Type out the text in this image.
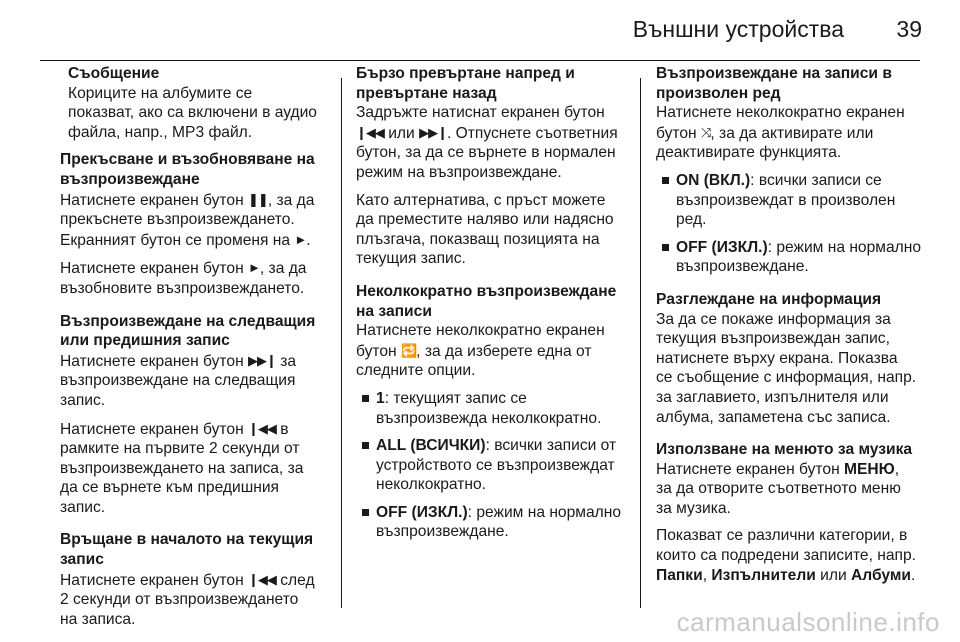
Външни устройства 39
Съобщение
Кориците на албумите се
показват, ако са включени в аудио
файла, напр., MP3 файл.
Прекъсване и възобновяване на
възпроизвеждане
Натиснете екранен бутон ❚❚, за да
прекъснете възпроизвеждането.
Екранният бутон се променя на ►.
Натиснете екранен бутон ►, за да
възобновите възпроизвеждането.
Възпроизвеждане на следващия
или предишния запис
Натиснете екранен бутон ▶▶❙ за
възпроизвеждане на следващия
запис.
Натиснете екранен бутон ❙◀◀ в
рамките на първите 2 секунди от
възпроизвеждането на записа, за
да се върнете към предишния
запис.
Връщане в началото на текущия
запис
Натиснете екранен бутон ❙◀◀ след
2 секунди от възпроизвеждането
на записа.
Бързо превъртане напред и
превъртане назад
Задръжте натиснат екранен бутон
❙◀◀ или ▶▶❙. Отпуснете съответния
бутон, за да се върнете в нормален
режим на възпроизвеждане.
Като алтернатива, с пръст можете
да преместите наляво или надясно
плъзгача, показващ позицията на
текущия запис.
Неколкократно възпроизвеждане
на записи
Натиснете неколкократно екранен
бутон 🔁, за да изберете една от
следните опции.
1: текущият запис се
възпроизвежда неколкократно.
ALL (ВСИЧКИ): всички записи от
устройството се възпроизвеждат
неколкократно.
OFF (ИЗКЛ.): режим на нормално
възпроизвеждане.
Възпроизвеждане на записи в
произволен ред
Натиснете неколкократно екранен
бутон ⤨, за да активирате или
деактивирате функцията.
ON (ВКЛ.): всички записи се
възпроизвеждат в произволен
ред.
OFF (ИЗКЛ.): режим на нормално
възпроизвеждане.
Разглеждане на информация
За да се покаже информация за
текущия възпроизвеждан запис,
натиснете върху екрана. Показва
се съобщение с информация, напр.
за заглавието, изпълнителя или
албума, запаметена със записа.
Използване на менюто за музика
Натиснете екранен бутон МЕНЮ,
за да отворите съответното меню
за музика.
Показват се различни категории, в
които са подредени записите, напр.
Папки, Изпълнители или Албуми.
carmanualsonline.info
